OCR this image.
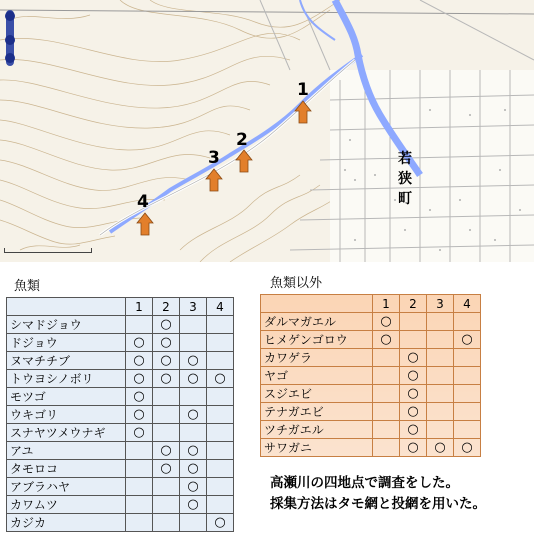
若
狭
町
1
2
3
4
魚類
	1	2	3	4
シマドジョウ		○		
ドジョウ	○	○		
ヌマチチブ	○	○	○	
トウヨシノボリ	○	○	○	○
モツゴ	○			
ウキゴリ	○		○	
スナヤツメウナギ	○			
アユ		○	○	
タモロコ		○	○	
アブラハヤ			○	
カワムツ			○	
カジカ				○
魚類以外
	1	2	3	4
ダルマガエル	○			
ヒメゲンゴロウ	○			○
カワゲラ		○		
ヤゴ		○		
スジエビ		○		
テナガエビ		○		
ツチガエル		○		
サワガニ		○	○	○
高瀬川の四地点で調査をした。
採集方法はタモ網と投網を用いた。
